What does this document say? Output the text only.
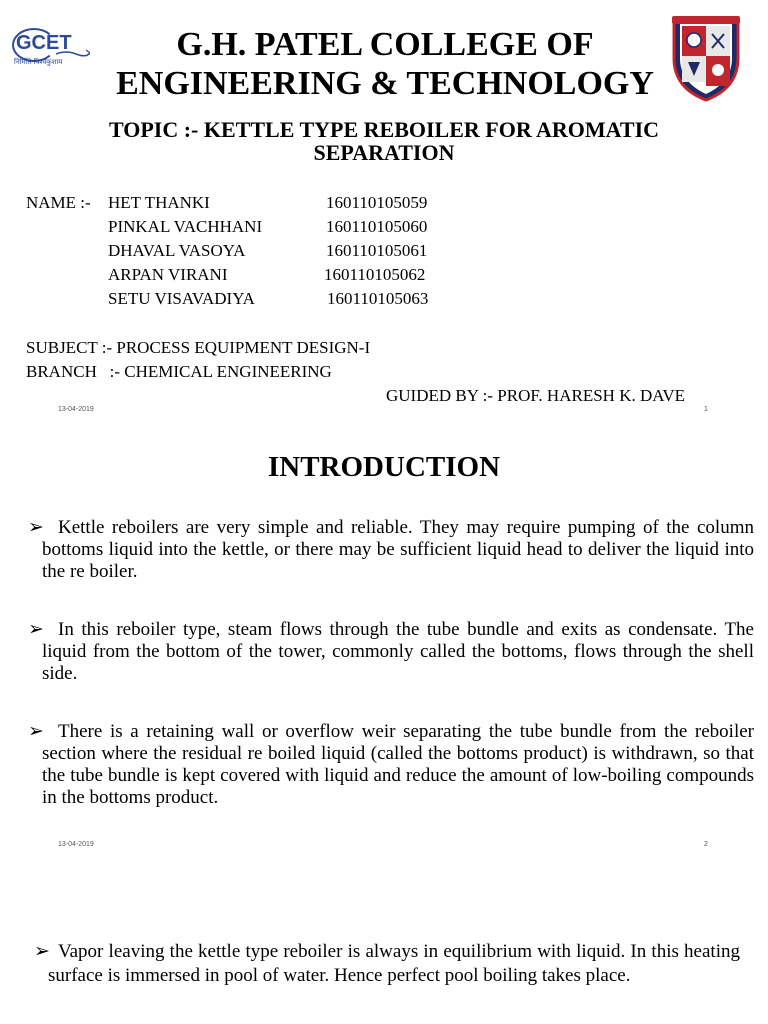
GCET
निर्मिति विश्वकुशाय	G.H. PATEL COLLEGE OF
ENGINEERING & TECHNOLOGY
TOPIC :- KETTLE TYPE REBOILER FOR AROMATIC
SEPARATION
NAME :- HET THANKI	160110105059
PINKAL VACHHANI	160110105060
DHAVAL VASOYA	160110105061
ARPAN VIRANI	160110105062
SETU VISAVADIYA	160110105063
SUBJECT :- PROCESS EQUIPMENT DESIGN-I
BRANCH   :- CHEMICAL ENGINEERING
GUIDED BY :- PROF. HARESH K. DAVE
13-04-2019	1
INTRODUCTION
➢ Kettle reboilers are very simple and reliable. They may require pumping of the column bottoms liquid into the kettle, or there may be sufficient liquid head to deliver the liquid into the re boiler.

➢ In this reboiler type, steam flows through the tube bundle and exits as condensate. The liquid from the bottom of the tower, commonly called the bottoms, flows through the shell side.

➢ There is a retaining wall or overflow weir separating the tube bundle from the reboiler section where the residual re boiled liquid (called the bottoms product) is withdrawn, so that the tube bundle is kept covered with liquid and reduce the amount of low-boiling compounds in the bottoms product.

13-04-2019	2
➢ Vapor leaving the kettle type reboiler is always in equilibrium with liquid. In this heating surface is immersed in pool of water. Hence perfect pool boiling takes place.
